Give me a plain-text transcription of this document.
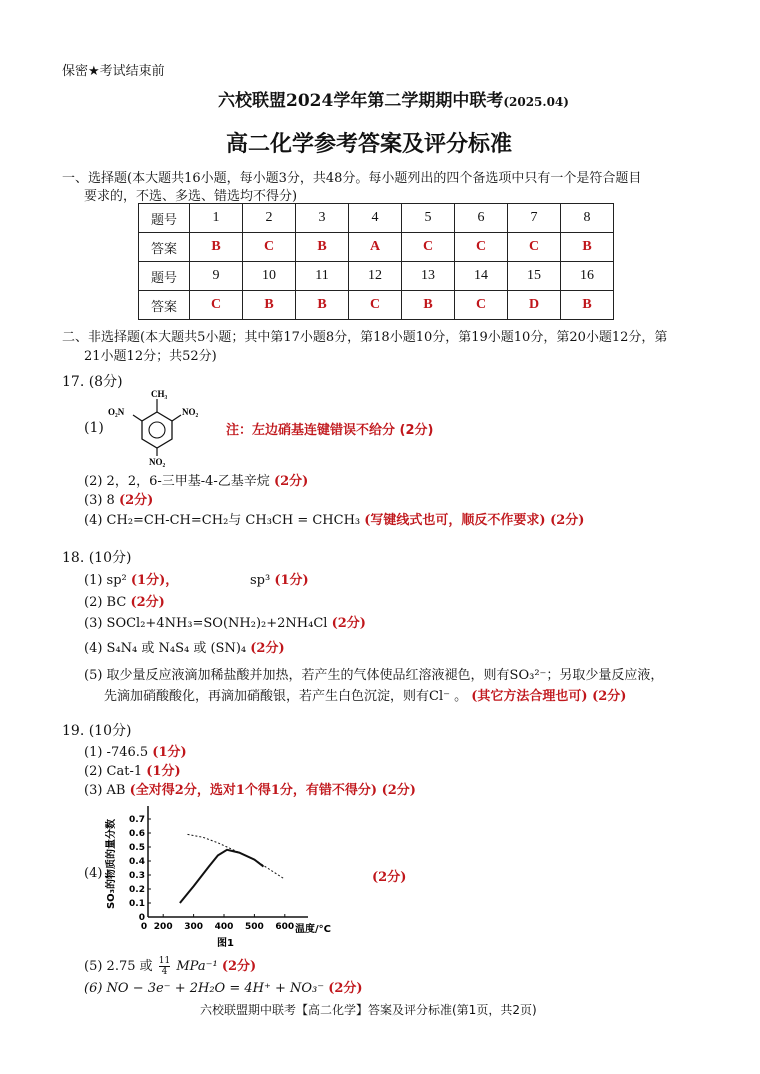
保密★考试结束前
六校联盟2024学年第二学期期中联考(2025.04)
高二化学参考答案及评分标准
一、选择题(本大题共16小题，每小题3分，共48分。每小题列出的四个备选项中只有一个是符合题目
要求的，不选、多选、错选均不得分)
题号	1	2	3	4	5	6	7	8
答案	B	C	B	A	C	C	C	B
题号	9	10	11	12	13	14	15	16
答案	C	B	B	C	B	C	D	B
二、非选择题(本大题共5小题；其中第17小题8分，第18小题10分，第19小题10分，第20小题12分，第
21小题12分；共52分)
17. (8分)
(1)
CH₃
NO₂
O₂N
NO₂
注：左边硝基连键错误不给分 (2分)
(2) 2，2，6-三甲基-4-乙基辛烷 (2分)
(3) 8 (2分)
(4) CH₂=CH-CH=CH₂与 CH₃CH = CHCH₃ (写键线式也可，顺反不作要求) (2分)
18. (10分)
(1) sp² (1分)，	sp³ (1分)
(2) BC (2分)
(3) SOCl₂+4NH₃=SO(NH₂)₂+2NH₄Cl (2分)
(4) S₄N₄ 或 N₄S₄ 或 (SN)₄ (2分)
(5) 取少量反应液滴加稀盐酸并加热，若产生的气体使品红溶液褪色，则有SO₃²⁻；另取少量反应液，
先滴加硝酸酸化，再滴加硝酸银，若产生白色沉淀，则有Cl⁻ 。 (其它方法合理也可) (2分)
19. (10分)
(1) -746.5 (1分)
(2) Cat-1 (1分)
(3) AB (全对得2分，选对1个得1分，有错不得分) (2分)
(4) SO₃的物质的量分数
温度/°C
图1
0
0.1
0.2
0.3
0.4
0.5
0.6
0.7
0 200 300 400 500 600
(2分)
(5) 2.75 或 $\frac{11}{4} MPa^{-1}$ (2分)
(6) NO − 3e⁻ + 2H₂O = 4H⁺ + NO₃⁻ (2分)
六校联盟期中联考【高二化学】答案及评分标准(第1页，共2页)
